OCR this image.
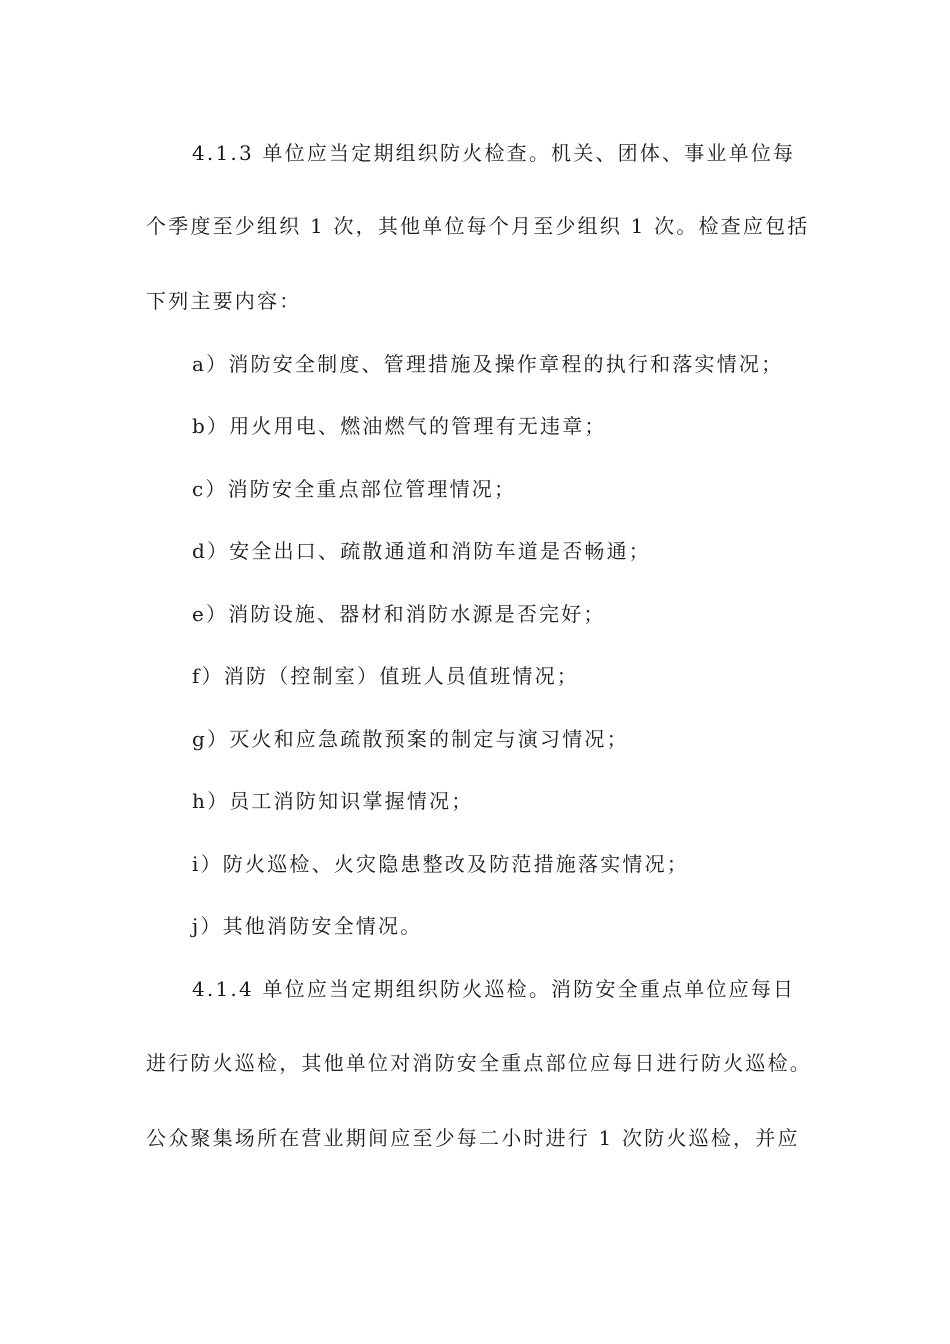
4.1.3 单位应当定期组织防火检查。机关、团体、事业单位每
个季度至少组织 1 次，其他单位每个月至少组织 1 次。检查应包括
下列主要内容：
a）消防安全制度、管理措施及操作章程的执行和落实情况；
b）用火用电、燃油燃气的管理有无违章；
c）消防安全重点部位管理情况；
d）安全出口、疏散通道和消防车道是否畅通；
e）消防设施、器材和消防水源是否完好；
f）消防（控制室）值班人员值班情况；
g）灭火和应急疏散预案的制定与演习情况；
h）员工消防知识掌握情况；
i）防火巡检、火灾隐患整改及防范措施落实情况；
j）其他消防安全情况。
4.1.4 单位应当定期组织防火巡检。消防安全重点单位应每日
进行防火巡检，其他单位对消防安全重点部位应每日进行防火巡检。
公众聚集场所在营业期间应至少每二小时进行 1 次防火巡检，并应
